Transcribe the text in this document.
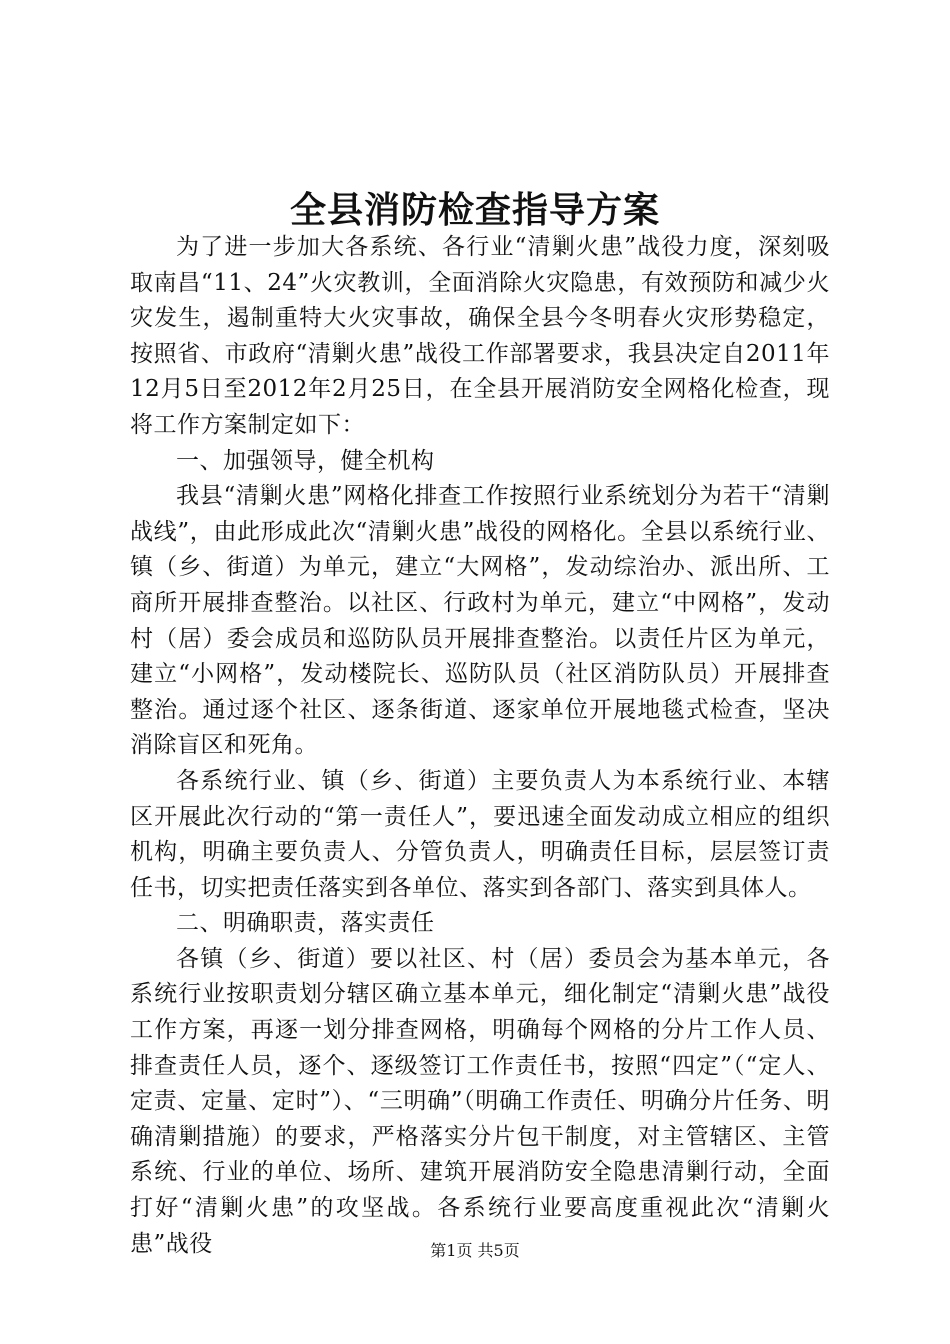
全县消防检查指导方案

为了进一步加大各系统、各行业“清剿火患”战役力度，深刻吸取南昌“11、24”火灾教训，全面消除火灾隐患，有效预防和减少火灾发生，遏制重特大火灾事故，确保全县今冬明春火灾形势稳定，按照省、市政府“清剿火患”战役工作部署要求，我县决定自2011年12月5日至2012年2月25日，在全县开展消防安全网格化检查，现将工作方案制定如下：

一、加强领导，健全机构

我县“清剿火患”网格化排查工作按照行业系统划分为若干“清剿战线”，由此形成此次“清剿火患”战役的网格化。全县以系统行业、镇（乡、街道）为单元，建立“大网格”，发动综治办、派出所、工商所开展排查整治。以社区、行政村为单元，建立“中网格”，发动村（居）委会成员和巡防队员开展排查整治。以责任片区为单元，建立“小网格”，发动楼院长、巡防队员（社区消防队员）开展排查整治。通过逐个社区、逐条街道、逐家单位开展地毯式检查，坚决消除盲区和死角。

各系统行业、镇（乡、街道）主要负责人为本系统行业、本辖区开展此次行动的“第一责任人”，要迅速全面发动成立相应的组织机构，明确主要负责人、分管负责人，明确责任目标，层层签订责任书，切实把责任落实到各单位、落实到各部门、落实到具体人。

二、明确职责，落实责任

各镇（乡、街道）要以社区、村（居）委员会为基本单元，各系统行业按职责划分辖区确立基本单元，细化制定“清剿火患”战役工作方案，再逐一划分排查网格，明确每个网格的分片工作人员、排查责任人员，逐个、逐级签订工作责任书，按照“四定”（“定人、定责、定量、定时”）、“三明确”（明确工作责任、明确分片任务、明确清剿措施）的要求，严格落实分片包干制度，对主管辖区、主管系统、行业的单位、场所、建筑开展消防安全隐患清剿行动，全面打好“清剿火患”的攻坚战。各系统行业要高度重视此次“清剿火患”战役	第1页 共5页
